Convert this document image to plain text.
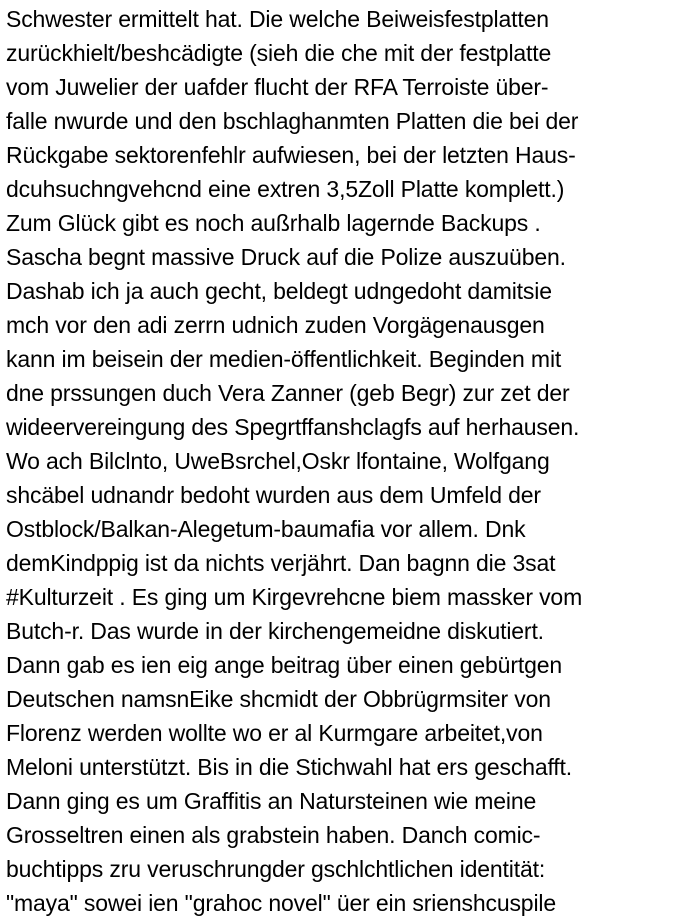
Schwester ermittelt hat. Die welche Beiweisfestplatten
zurückhielt/beshcädigte (sieh die che mit der festplatte
vom Juwelier der uafder flucht der RFA Terroiste über-
falle nwurde und den bschlaghanmten Platten die bei der
Rückgabe sektorenfehlr aufwiesen, bei der letzten Haus-
dcuhsuchngvehcnd eine extren 3,5Zoll Platte komplett.)
Zum Glück gibt es noch außrhalb lagernde Backups .
Sascha begnt massive Druck auf die Polize auszuüben.
Dashab ich ja auch gecht, beldegt udngedoht damitsie
mch vor den adi zerrn udnich zuden Vorgägenausgen
kann im beisein der medien-öffentlichkeit. Beginden mit
dne prssungen duch Vera Zanner (geb Begr) zur zet der
wideervereingung des Spegrtffanshclagfs auf herhausen.
Wo ach Bilclnto, UweBsrchel,Oskr lfontaine, Wolfgang
shcäbel udnandr bedoht wurden aus dem Umfeld der
Ostblock/Balkan-Alegetum-baumafia vor allem. Dnk
demKindppig ist da nichts verjährt. Dan bagnn die 3sat
#Kulturzeit . Es ging um Kirgevrehcne biem massker vom
Butch-r. Das wurde in der kirchengemeidne diskutiert.
Dann gab es ien eig ange beitrag über einen gebürtgen
Deutschen namsnEike shcmidt der Obbrügrmsiter von
Florenz werden wollte wo er al Kurmgare arbeitet,von
Meloni unterstützt. Bis in die Stichwahl hat ers geschafft.
Dann ging es um Graffitis an Natursteinen wie meine
Grosseltren einen als grabstein haben. Danch comic-
buchtipps zru veruschrungder gschlchtlichen identität:
"maya" sowei ien "grahoc novel" üer ein srienshcuspile
